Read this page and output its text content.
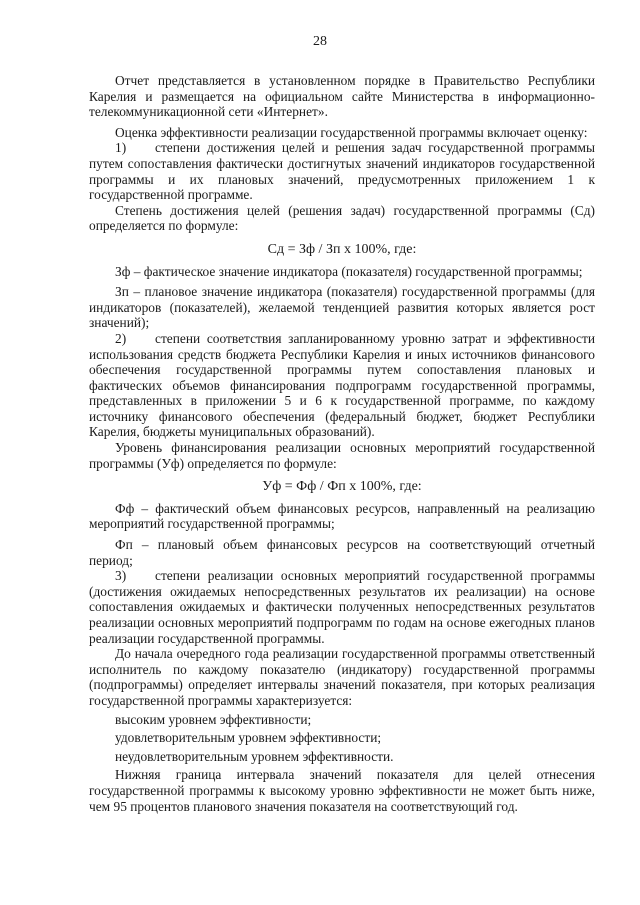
28

Отчет представляется в установленном порядке в Правительство Республики Карелия и размещается на официальном сайте Министерства в информационно-телекоммуникационной сети «Интернет».

Оценка эффективности реализации государственной программы включает оценку:

1) степени достижения целей и решения задач государственной программы путем сопоставления фактически достигнутых значений индикаторов государственной программы и их плановых значений, предусмотренных приложением 1 к государственной программе.

Степень достижения целей (решения задач) государственной программы (Сд) определяется по формуле:

Сд = Зф / Зп х 100%, где:

Зф – фактическое значение индикатора (показателя) государственной программы;

Зп – плановое значение индикатора (показателя) государственной программы (для индикаторов (показателей), желаемой тенденцией развития которых является рост значений);

2) степени соответствия запланированному уровню затрат и эффективности использования средств бюджета Республики Карелия и иных источников финансового обеспечения государственной программы путем сопоставления плановых и фактических объемов финансирования подпрограмм государственной программы, представленных в приложении 5 и 6 к государственной программе, по каждому источнику финансового обеспечения (федеральный бюджет, бюджет Республики Карелия, бюджеты муниципальных образований).

Уровень финансирования реализации основных мероприятий государственной программы (Уф) определяется по формуле:

Уф = Фф / Фп х 100%, где:

Фф – фактический объем финансовых ресурсов, направленный на реализацию мероприятий государственной программы;

Фп – плановый объем финансовых ресурсов на соответствующий отчетный период;

3) степени реализации основных мероприятий государственной программы (достижения ожидаемых непосредственных результатов их реализации) на основе сопоставления ожидаемых и фактически полученных непосредственных результатов реализации основных мероприятий подпрограмм по годам на основе ежегодных планов реализации государственной программы.

До начала очередного года реализации государственной программы ответственный исполнитель по каждому показателю (индикатору) государственной программы (подпрограммы) определяет интервалы значений показателя, при которых реализация государственной программы характеризуется:

высоким уровнем эффективности;

удовлетворительным уровнем эффективности;

неудовлетворительным уровнем эффективности.

Нижняя граница интервала значений показателя для целей отнесения государственной программы к высокому уровню эффективности не может быть ниже, чем 95 процентов планового значения показателя на соответствующий год.
